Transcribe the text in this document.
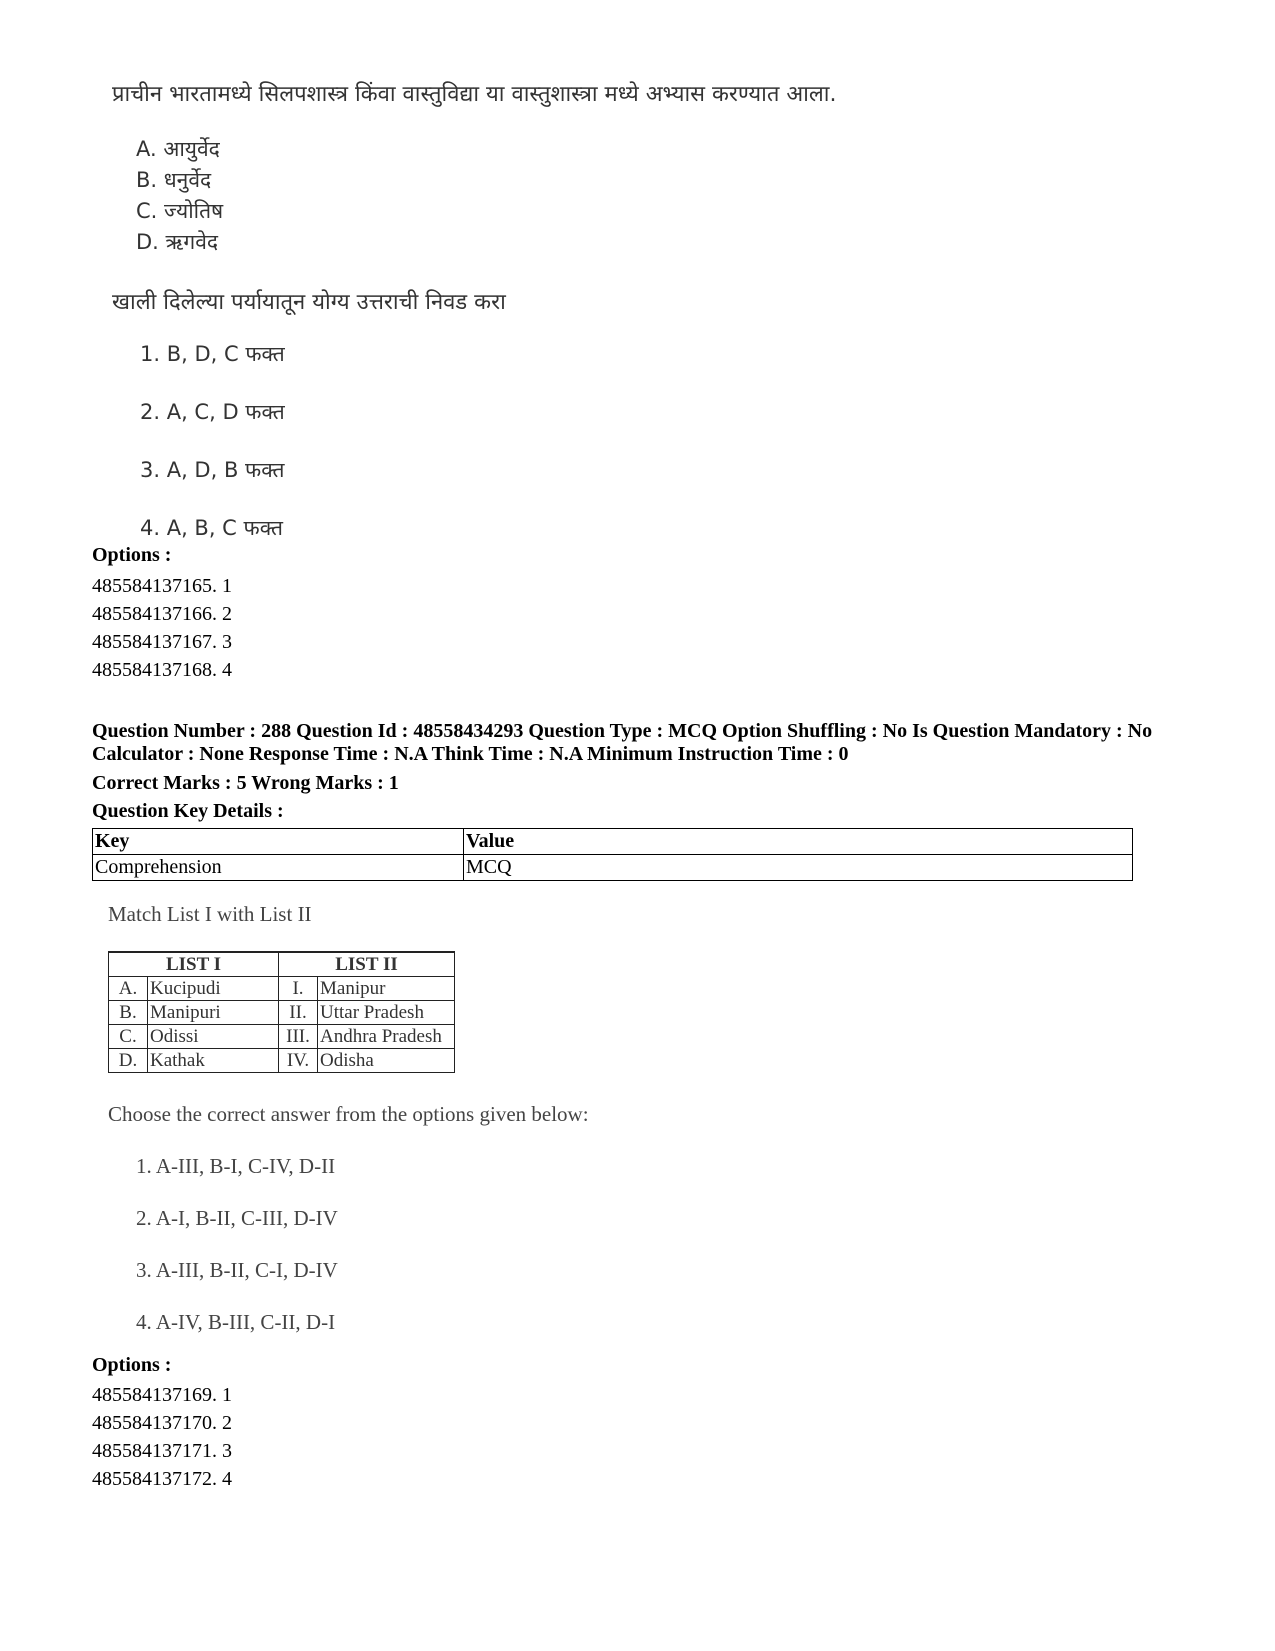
प्राचीन भारतामध्ये सिलपशास्त्र किंवा वास्तुविद्या या वास्तुशास्त्रा मध्ये अभ्यास करण्यात आला.
A. आयुर्वेद
B. धनुर्वेद
C. ज्योतिष
D. ऋगवेद
खाली दिलेल्या पर्यायातून योग्य उत्तराची निवड करा
1. B, D, C फक्त
2. A, C, D फक्त
3. A, D, B फक्त
4. A, B, C फक्त
Options :
485584137165. 1
485584137166. 2
485584137167. 3
485584137168. 4
Question Number : 288 Question Id : 48558434293 Question Type : MCQ Option Shuffling : No Is Question Mandatory : No Calculator : None Response Time : N.A Think Time : N.A Minimum Instruction Time : 0
Correct Marks : 5 Wrong Marks : 1
Question Key Details :
Key	Value
Comprehension	MCQ
Match List I with List II
LIST I		LIST II	
A.	Kucipudi	I.	Manipur
B.	Manipuri	II.	Uttar Pradesh
C.	Odissi	III.	Andhra Pradesh
D.	Kathak	IV.	Odisha
Choose the correct answer from the options given below:
1. A-III, B-I, C-IV, D-II
2. A-I, B-II, C-III, D-IV
3. A-III, B-II, C-I, D-IV
4. A-IV, B-III, C-II, D-I
Options :
485584137169. 1
485584137170. 2
485584137171. 3
485584137172. 4
